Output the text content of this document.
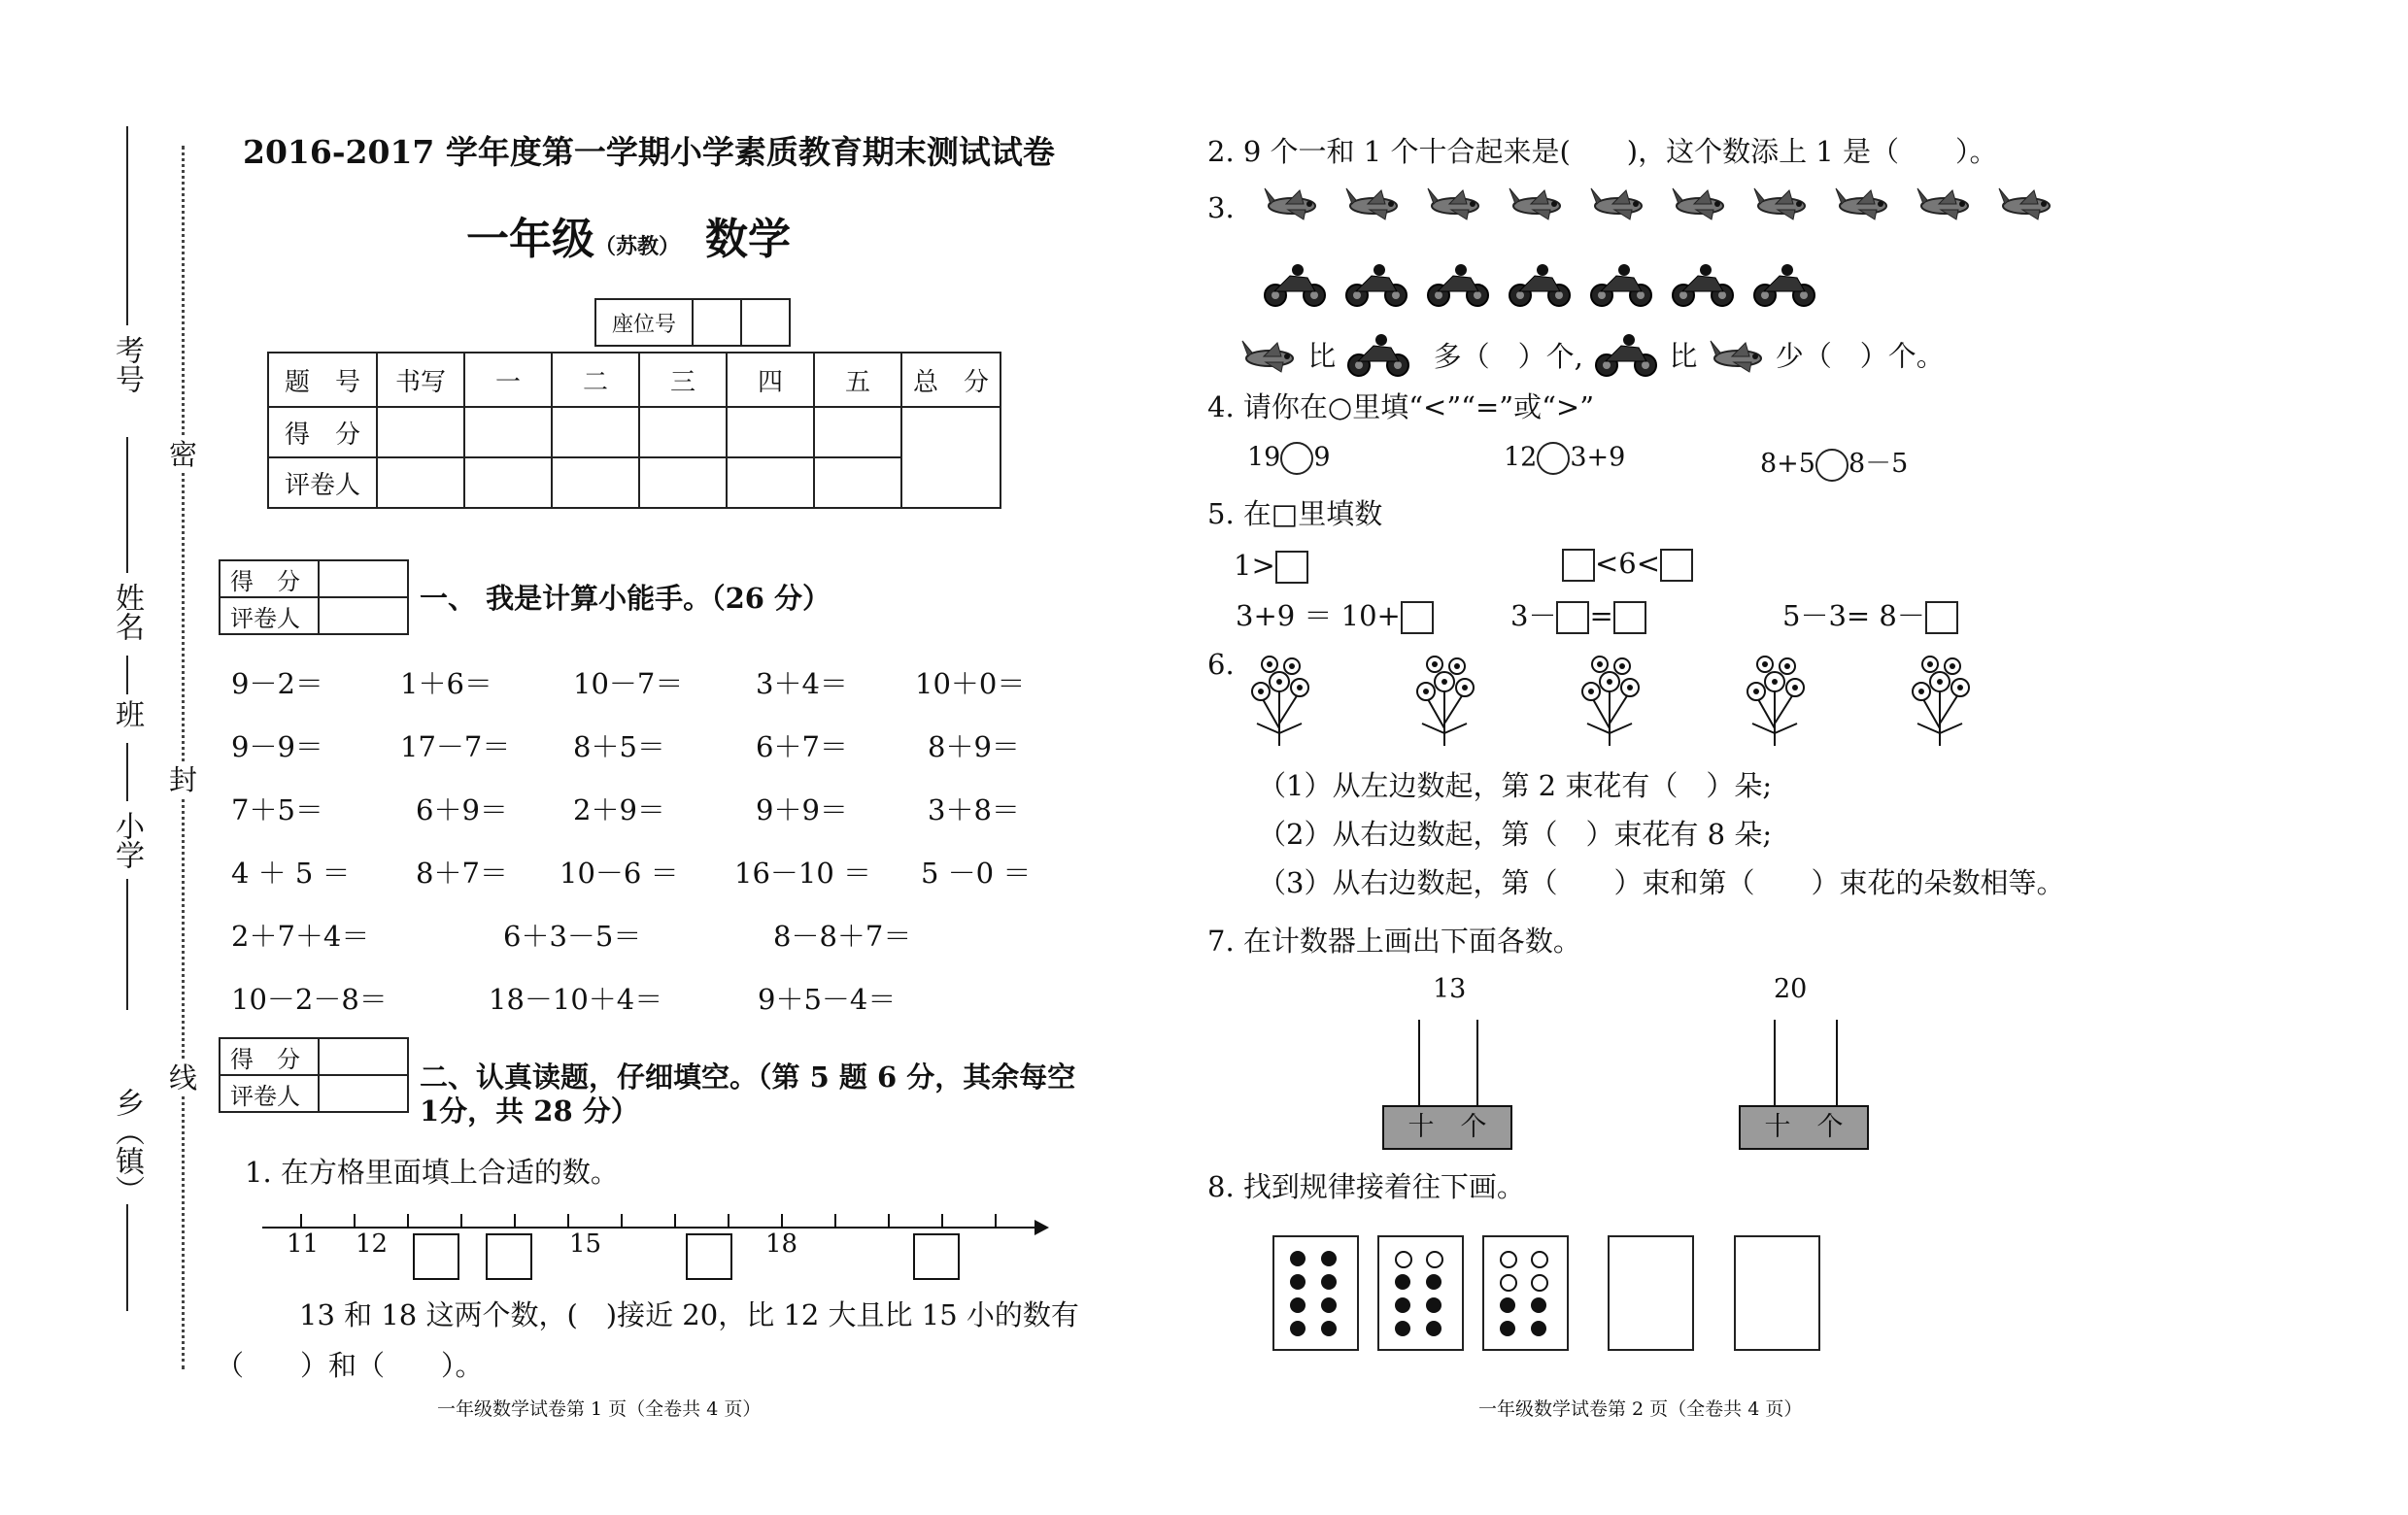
考号
姓名
班
小学
乡（镇）
密
封
线
2016-2017 学年度第一学期小学素质教育期末测试试卷
一年级（苏教） 数学
座位号		
题　号	书写	一	二	三	四	五	总　分
得　分							
评卷人							
得　分	
评卷人	
一、 我是计算小能手。（26 分）
9－2＝	1＋6＝	10－7＝	3＋4＝ 10＋0＝
9－9＝	17－7＝ 8＋5＝	6＋7＝	8＋9＝
7＋5＝	6＋9＝ 2＋9＝	9＋9＝	3＋8＝
4 ＋ 5 ＝ 8＋7＝ 10－6 ＝ 16－10 ＝ 5 －0 ＝
2＋7＋4＝	6＋3－5＝	8－8＋7＝
10－2－8＝	18－10＋4＝	9＋5－4＝
得　分	
评卷人	
二、认真读题，仔细填空。（第 5 题 6 分，其余每空
1分，共 28 分）
1. 在方格里面填上合适的数。
11 12	15	18
13 和 18 这两个数，(　)接近 20，比 12 大且比 15 小的数有
（　　）和（　　）。
一年级数学试卷第 1 页（全卷共 4 页）
2. 9 个一和 1 个十合起来是(　　)，这个数添上 1 是（　　）。
3.
比	多（　）个,	比	少（　）个。
4. 请你在○里填“<”“=”或“>”
19 9	12 3+9	8+5 8－5
5. 在□里填数
1>	<6<
3+9 ＝ 10+	3－ =	5－3= 8－
6.
（1）从左边数起，第 2 束花有（　）朵;
（2）从右边数起，第（　）束花有 8 朵;
（3）从右边数起，第（　　）束和第（　　）束花的朵数相等。
7. 在计数器上画出下面各数。
13
十　个
20
十　个
8. 找到规律接着往下画。
一年级数学试卷第 2 页（全卷共 4 页）
